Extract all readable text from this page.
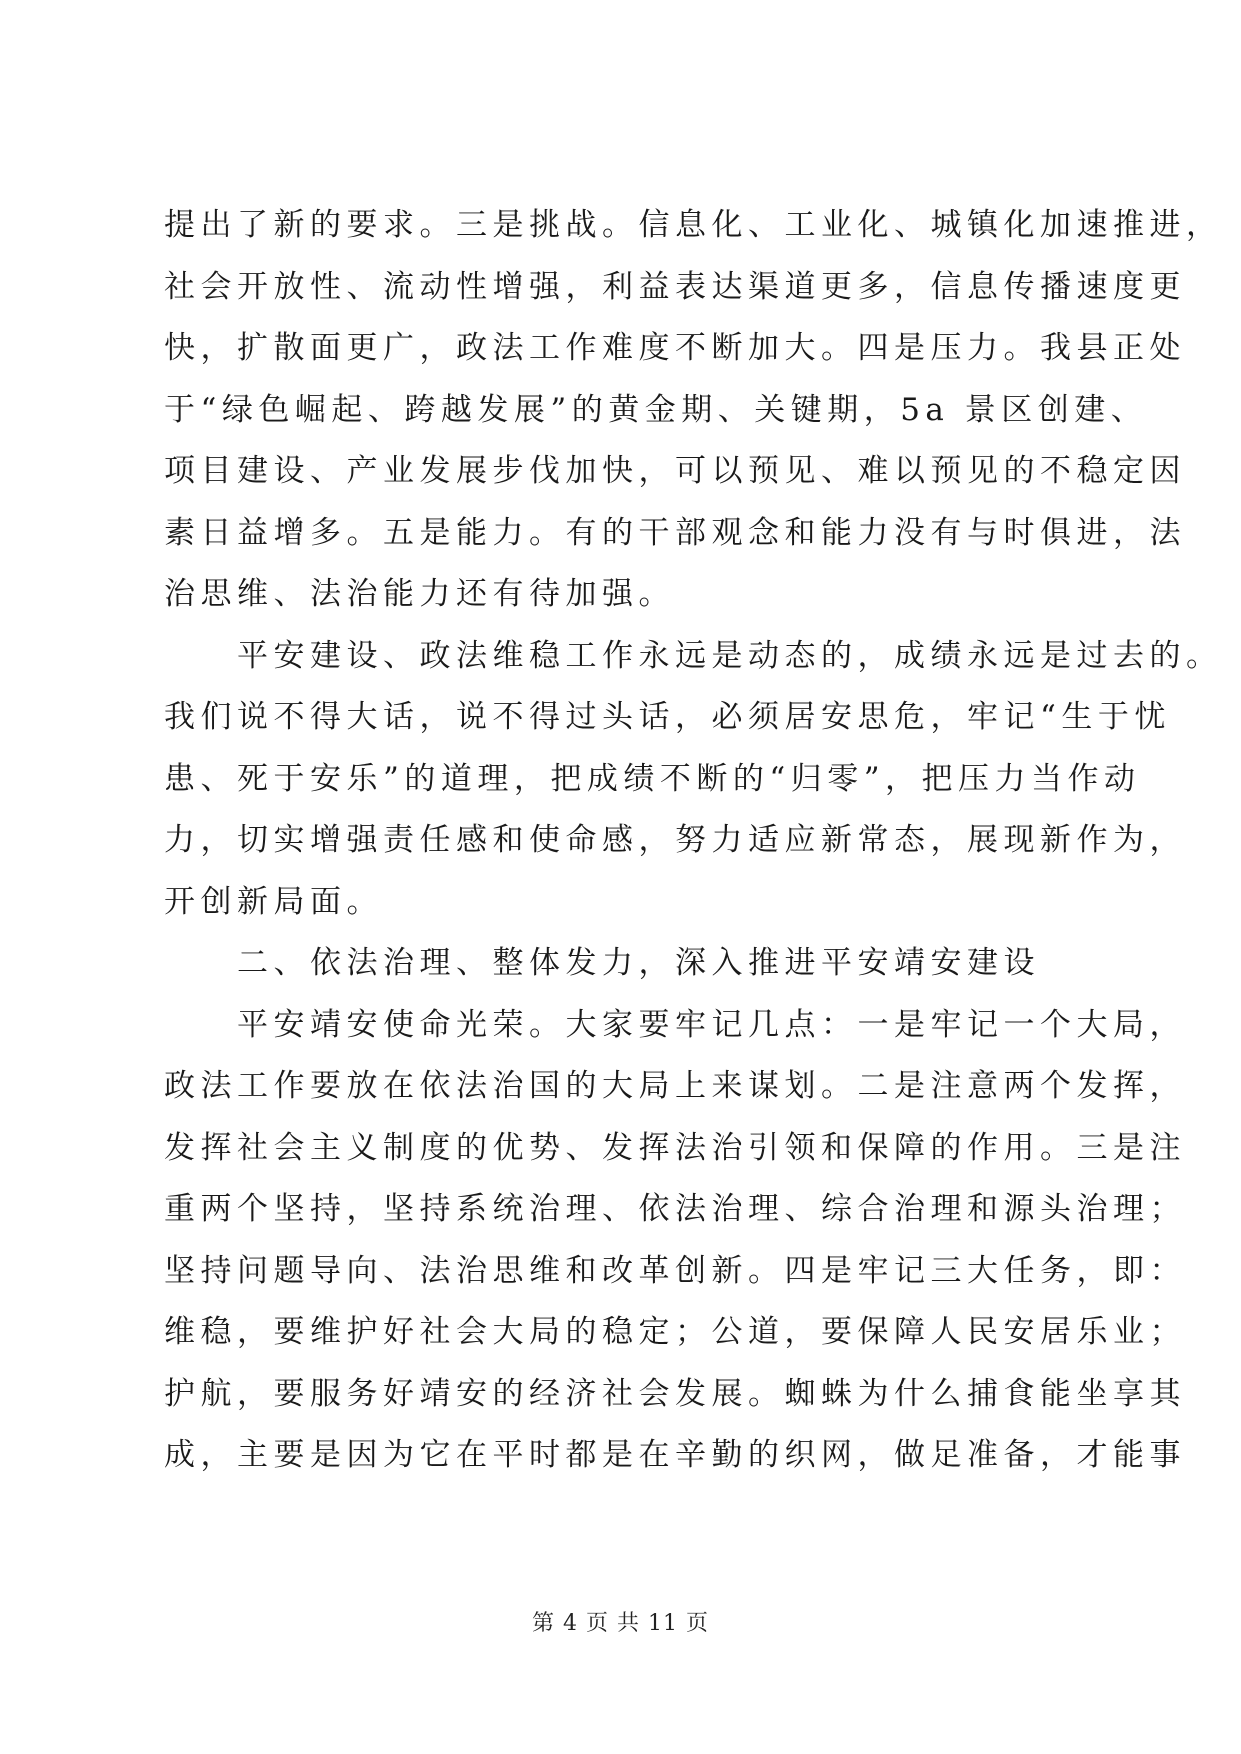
提出了新的要求。三是挑战。信息化、工业化、城镇化加速推进，
社会开放性、流动性增强，利益表达渠道更多，信息传播速度更
快，扩散面更广，政法工作难度不断加大。四是压力。我县正处
于“绿色崛起、跨越发展”的黄金期、关键期，5a 景区创建、
项目建设、产业发展步伐加快，可以预见、难以预见的不稳定因
素日益增多。五是能力。有的干部观念和能力没有与时俱进，法
治思维、法治能力还有待加强。
　　平安建设、政法维稳工作永远是动态的，成绩永远是过去的。
我们说不得大话，说不得过头话，必须居安思危，牢记“生于忧
患、死于安乐”的道理，把成绩不断的“归零”，把压力当作动
力，切实增强责任感和使命感，努力适应新常态，展现新作为，
开创新局面。
　　二、依法治理、整体发力，深入推进平安靖安建设
　　平安靖安使命光荣。大家要牢记几点：一是牢记一个大局，
政法工作要放在依法治国的大局上来谋划。二是注意两个发挥，
发挥社会主义制度的优势、发挥法治引领和保障的作用。三是注
重两个坚持，坚持系统治理、依法治理、综合治理和源头治理；
坚持问题导向、法治思维和改革创新。四是牢记三大任务，即：
维稳，要维护好社会大局的稳定；公道，要保障人民安居乐业；
护航，要服务好靖安的经济社会发展。蜘蛛为什么捕食能坐享其
成，主要是因为它在平时都是在辛勤的织网，做足准备，才能事
第 4 页 共 11 页
